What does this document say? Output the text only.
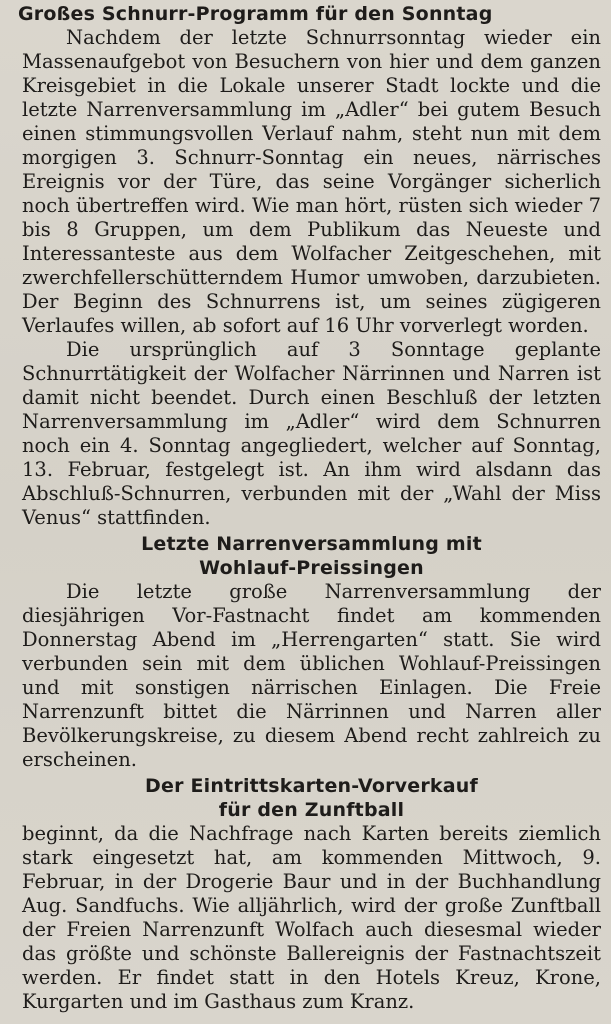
Großes Schnurr-Programm für den Sonntag

Nachdem der letzte Schnurrsonntag wieder ein Massenaufgebot von Besuchern von hier und dem ganzen Kreisgebiet in die Lokale unserer Stadt lockte und die letzte Narrenversammlung im „Adler“ bei gutem Besuch einen stimmungsvollen Verlauf nahm, steht nun mit dem morgigen 3. Schnurr-Sonntag ein neues, närrisches Ereignis vor der Türe, das seine Vorgänger sicherlich noch übertreffen wird. Wie man hört, rüsten sich wieder 7 bis 8 Gruppen, um dem Publikum das Neueste und Interessanteste aus dem Wolfacher Zeitgeschehen, mit zwerchfellerschütterndem Humor umwoben, darzubieten. Der Beginn des Schnurrens ist, um seines zügigeren Verlaufes willen, ab sofort auf 16 Uhr vorverlegt worden.

Die ursprünglich auf 3 Sonntage geplante Schnurrtätigkeit der Wolfacher Närrinnen und Narren ist damit nicht beendet. Durch einen Beschluß der letzten Narrenversammlung im „Adler“ wird dem Schnurren noch ein 4. Sonntag angegliedert, welcher auf Sonntag, 13. Februar, festgelegt ist. An ihm wird alsdann das Abschluß-Schnurren, verbunden mit der „Wahl der Miss Venus“ stattfinden.

Letzte Narrenversammlung mit
Wohlauf-Preissingen

Die letzte große Narrenversammlung der diesjährigen Vor-Fastnacht findet am kommenden Donnerstag Abend im „Herrengarten“ statt. Sie wird verbunden sein mit dem üblichen Wohlauf-Preissingen und mit sonstigen närrischen Einlagen. Die Freie Narrenzunft bittet die Närrinnen und Narren aller Bevölkerungskreise, zu diesem Abend recht zahlreich zu erscheinen.

Der Eintrittskarten-Vorverkauf
für den Zunftball

beginnt, da die Nachfrage nach Karten bereits ziemlich stark eingesetzt hat, am kommenden Mittwoch, 9. Februar, in der Drogerie Baur und in der Buchhandlung Aug. Sandfuchs. Wie alljährlich, wird der große Zunftball der Freien Narrenzunft Wolfach auch diesesmal wieder das größte und schönste Ballereignis der Fastnachtszeit werden. Er findet statt in den Hotels Kreuz, Krone, Kurgarten und im Gasthaus zum Kranz.
